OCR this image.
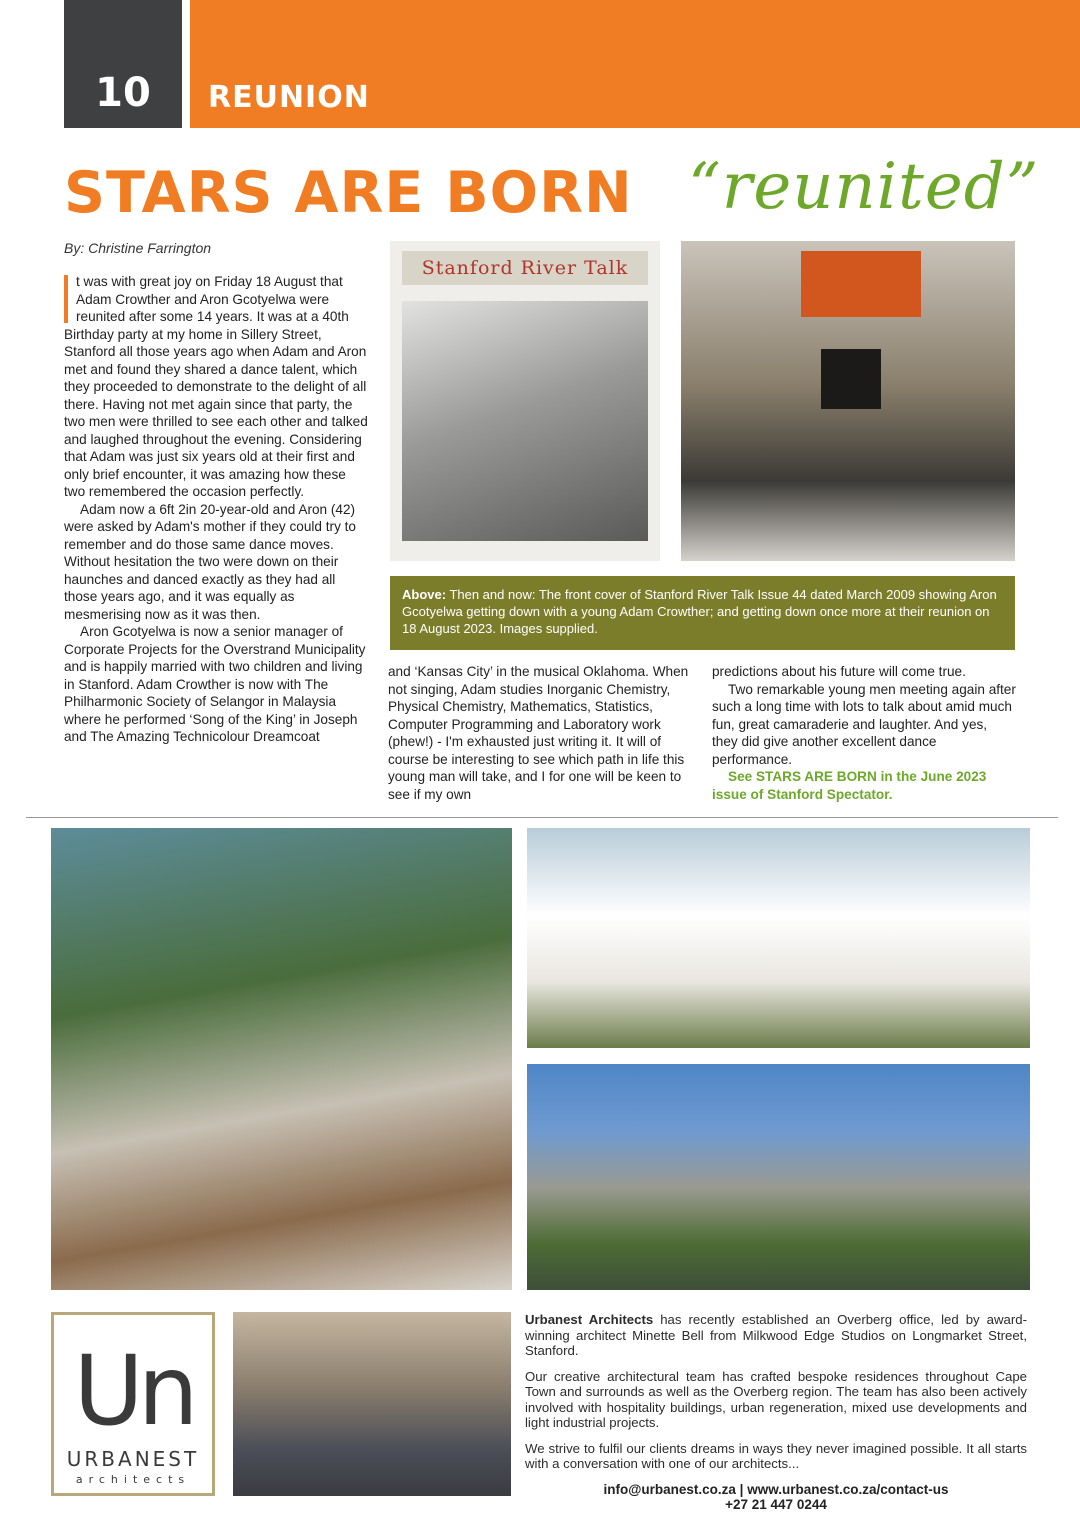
10	REUNION
STARS ARE BORN “reunited”
By: Christine Farrington

t was with great joy on Friday 18 August that Adam Crowther and Aron Gcotyelwa were reunited after some 14 years. It was at a 40th Birthday party at my home in Sillery Street, Stanford all those years ago when Adam and Aron met and found they shared a dance talent, which they proceeded to demonstrate to the delight of all there. Having not met again since that party, the two men were thrilled to see each other and talked and laughed throughout the evening. Considering that Adam was just six years old at their first and only brief encounter, it was amazing how these two remembered the occasion perfectly.

Adam now a 6ft 2in 20-year-old and Aron (42) were asked by Adam's mother if they could try to remember and do those same dance moves. Without hesitation the two were down on their haunches and danced exactly as they had all those years ago, and it was equally as mesmerising now as it was then.

Aron Gcotyelwa is now a senior manager of Corporate Projects for the Overstrand Municipality and is happily married with two children and living in Stanford. Adam Crowther is now with The Philharmonic Society of Selangor in Malaysia where he performed ‘Song of the King’ in Joseph and The Amazing Technicolour Dreamcoat

Stanford River Talk
Above: Then and now: The front cover of Stanford River Talk Issue 44 dated March 2009 showing Aron Gcotyelwa getting down with a young Adam Crowther; and getting down once more at their reunion on 18 August 2023. Images supplied.

and ‘Kansas City’ in the musical Oklahoma. When not singing, Adam studies Inorganic Chemistry, Physical Chemistry, Mathematics, Statistics, Computer Programming and Laboratory work (phew!) - I'm exhausted just writing it. It will of course be interesting to see which path in life this young man will take, and I for one will be keen to see if my own

predictions about his future will come true.

Two remarkable young men meeting again after such a long time with lots to talk about amid much fun, great camaraderie and laughter. And yes, they did give another excellent dance performance.

See STARS ARE BORN in the June 2023 issue of Stanford Spectator.
Un
URBANEST
architects

Urbanest Architects has recently established an Overberg office, led by award-winning architect Minette Bell from Milkwood Edge Studios on Longmarket Street, Stanford.

Our creative architectural team has crafted bespoke residences throughout Cape Town and surrounds as well as the Overberg region. The team has also been actively involved with hospitality buildings, urban regeneration, mixed use developments and light industrial projects.

We strive to fulfil our clients dreams in ways they never imagined possible. It all starts with a conversation with one of our architects...

info@urbanest.co.za | www.urbanest.co.za/contact-us
+27 21 447 0244
